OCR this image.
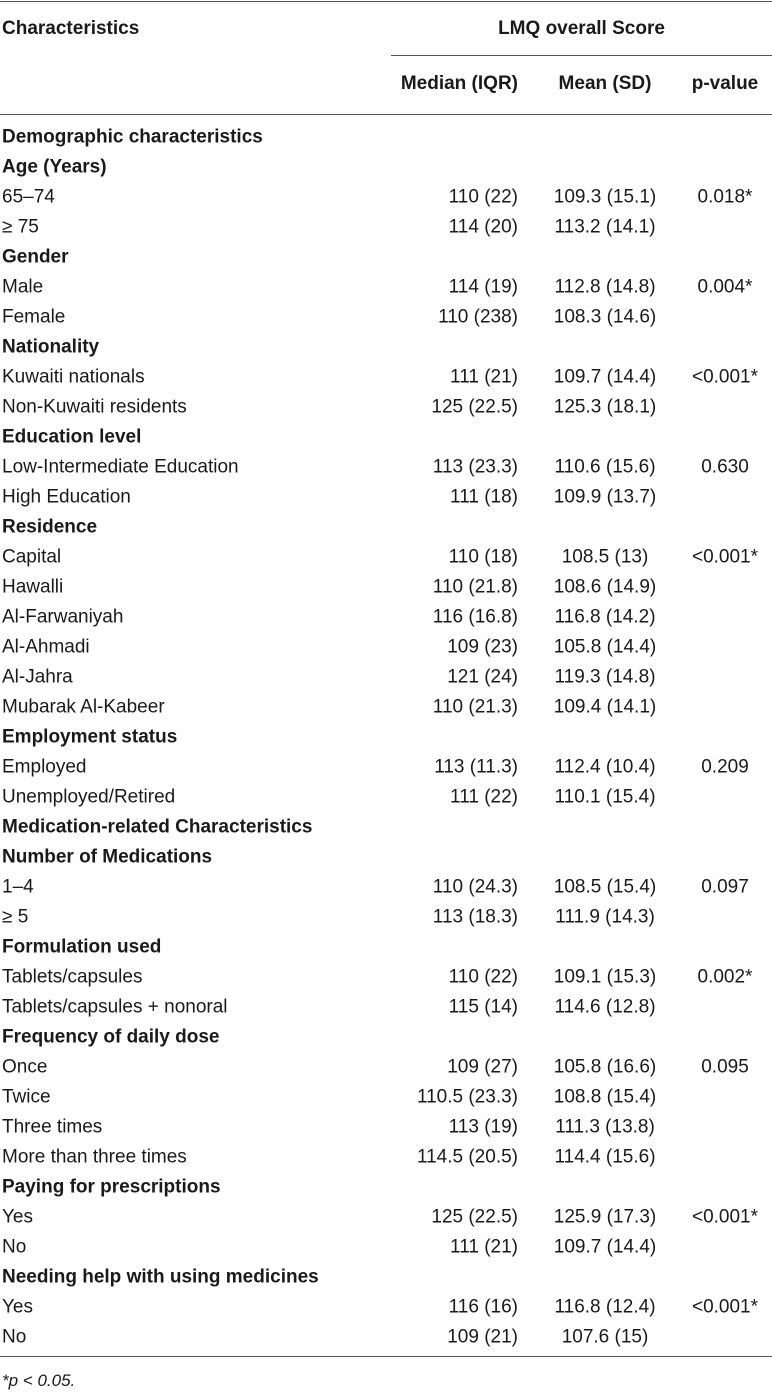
Characteristics	LMQ overall Score
Median (IQR)	Mean (SD)	p-value
Demographic characteristics
Age (Years)
65–74	110 (22)	109.3 (15.1)	0.018*
≥ 75	114 (20)	113.2 (14.1)
Gender
Male	114 (19)	112.8 (14.8)	0.004*
Female	110 (238)	108.3 (14.6)
Nationality
Kuwaiti nationals	111 (21)	109.7 (14.4)	<0.001*
Non-Kuwaiti residents	125 (22.5)	125.3 (18.1)
Education level
Low-Intermediate Education	113 (23.3)	110.6 (15.6)	0.630
High Education	111 (18)	109.9 (13.7)
Residence
Capital	110 (18)	108.5 (13)	<0.001*
Hawalli	110 (21.8)	108.6 (14.9)
Al-Farwaniyah	116 (16.8)	116.8 (14.2)
Al-Ahmadi	109 (23)	105.8 (14.4)
Al-Jahra	121 (24)	119.3 (14.8)
Mubarak Al-Kabeer	110 (21.3)	109.4 (14.1)
Employment status
Employed	113 (11.3)	112.4 (10.4)	0.209
Unemployed/Retired	111 (22)	110.1 (15.4)
Medication-related Characteristics
Number of Medications
1–4	110 (24.3)	108.5 (15.4)	0.097
≥ 5	113 (18.3)	111.9 (14.3)
Formulation used
Tablets/capsules	110 (22)	109.1 (15.3)	0.002*
Tablets/capsules + nonoral	115 (14)	114.6 (12.8)
Frequency of daily dose
Once	109 (27)	105.8 (16.6)	0.095
Twice	110.5 (23.3)	108.8 (15.4)
Three times	113 (19)	111.3 (13.8)
More than three times	114.5 (20.5)	114.4 (15.6)
Paying for prescriptions
Yes	125 (22.5)	125.9 (17.3)	<0.001*
No	111 (21)	109.7 (14.4)
Needing help with using medicines
Yes	116 (16)	116.8 (12.4)	<0.001*
No	109 (21)	107.6 (15)
*p < 0.05.
